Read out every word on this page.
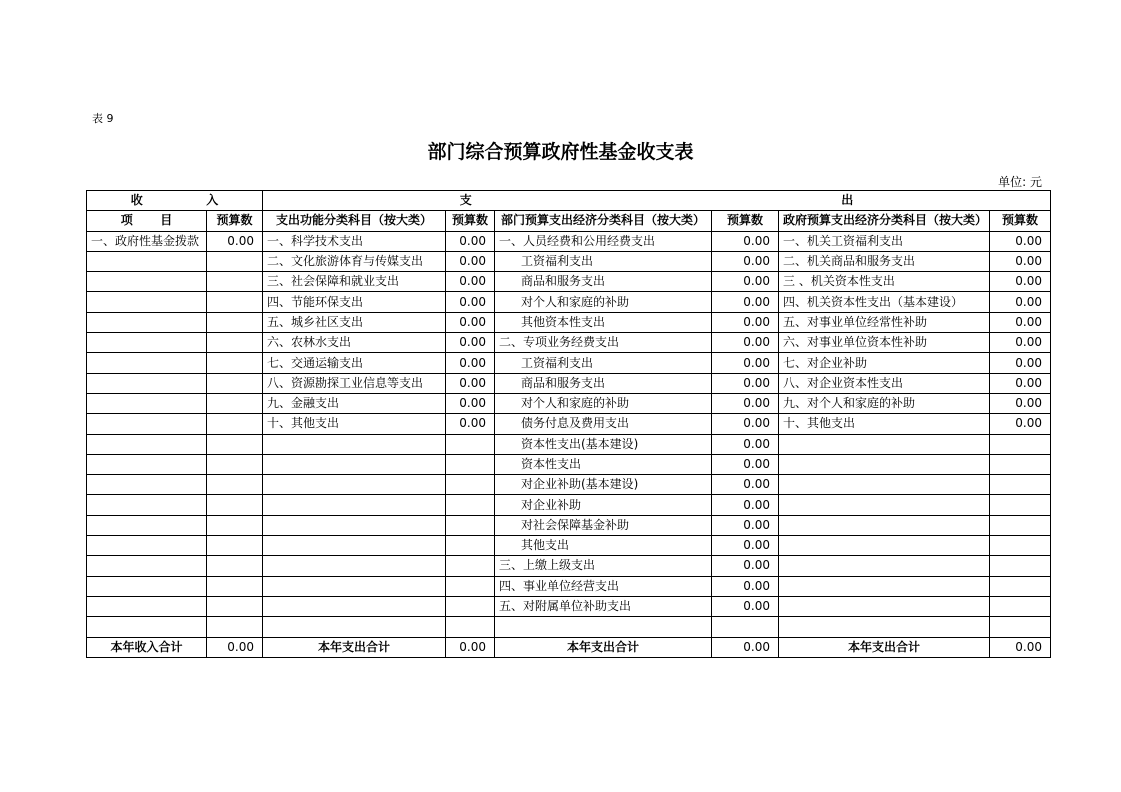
表 9
部门综合预算政府性基金收支表
单位: 元
收 入		支 出					

项 目	预算数	支出功能分类科目（按大类）	预算数	部门预算支出经济分类科目（按大类）	预算数	政府预算支出经济分类科目（按大类）	预算数
一、政府性基金拨款	0.00	一、科学技术支出	0.00	一、人员经费和公用经费支出	0.00	一、机关工资福利支出	0.00
		二、文化旅游体育与传媒支出	0.00	工资福利支出	0.00	二、机关商品和服务支出	0.00
		三、社会保障和就业支出	0.00	商品和服务支出	0.00	三 、机关资本性支出	0.00
		四、节能环保支出	0.00	对个人和家庭的补助	0.00	四、机关资本性支出（基本建设）	0.00
		五、城乡社区支出	0.00	其他资本性支出	0.00	五、对事业单位经常性补助	0.00
		六、农林水支出	0.00	二、专项业务经费支出	0.00	六、对事业单位资本性补助	0.00
		七、交通运输支出	0.00	工资福利支出	0.00	七、对企业补助	0.00
		八、资源勘探工业信息等支出	0.00	商品和服务支出	0.00	八、对企业资本性支出	0.00
		九、金融支出	0.00	对个人和家庭的补助	0.00	九、对个人和家庭的补助	0.00
		十、其他支出	0.00	债务付息及费用支出	0.00	十、其他支出	0.00
				资本性支出(基本建设)	0.00		
				资本性支出	0.00		
				对企业补助(基本建设)	0.00		
				对企业补助	0.00		
				对社会保障基金补助	0.00		
				其他支出	0.00		
				三、上缴上级支出	0.00		
				四、事业单位经营支出	0.00		
				五、对附属单位补助支出	0.00		

本年收入合计	0.00	本年支出合计	0.00	本年支出合计	0.00	本年支出合计	0.00
